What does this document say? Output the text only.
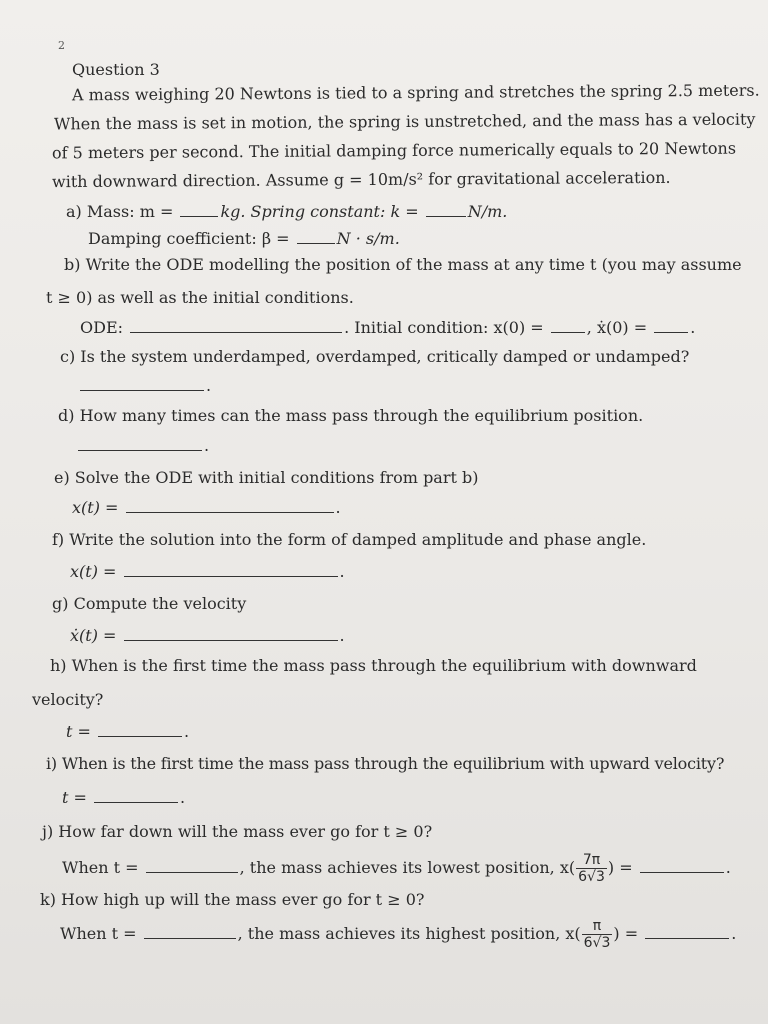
2
Question 3
A mass weighing 20 Newtons is tied to a spring and stretches the spring 2.5 meters.
When the mass is set in motion, the spring is unstretched, and the mass has a velocity
of 5 meters per second. The initial damping force numerically equals to 20 Newtons
with downward direction. Assume g = 10m/s² for gravitational acceleration.
a) Mass: m =	kg. Spring constant: k =	N/m.
Damping coefficient: β =	N · s/m.
b) Write the ODE modelling the position of the mass at any time t (you may assume
t ≥ 0) as well as the initial conditions.
ODE:	. Initial condition: x(0) = , ẋ(0) = .
c) Is the system underdamped, overdamped, critically damped or undamped?
.
d) How many times can the mass pass through the equilibrium position.
.
e) Solve the ODE with initial conditions from part b)
x(t) =	.
f) Write the solution into the form of damped amplitude and phase angle.
x(t) =	.
g) Compute the velocity
ẋ(t) =	.
h) When is the first time the mass pass through the equilibrium with downward
velocity?
t =	.
i) When is the first time the mass pass through the equilibrium with upward velocity?
t =	.
j) How far down will the mass ever go for t ≥ 0?
When t =	, the mass achieves its lowest position, $x( \frac{7\pi}{6√3}$ ) =	.
k) How high up will the mass ever go for t ≥ 0?
When t =	, the mass achieves its highest position, $x( \frac{\pi}{6√3}$ ) =	.
